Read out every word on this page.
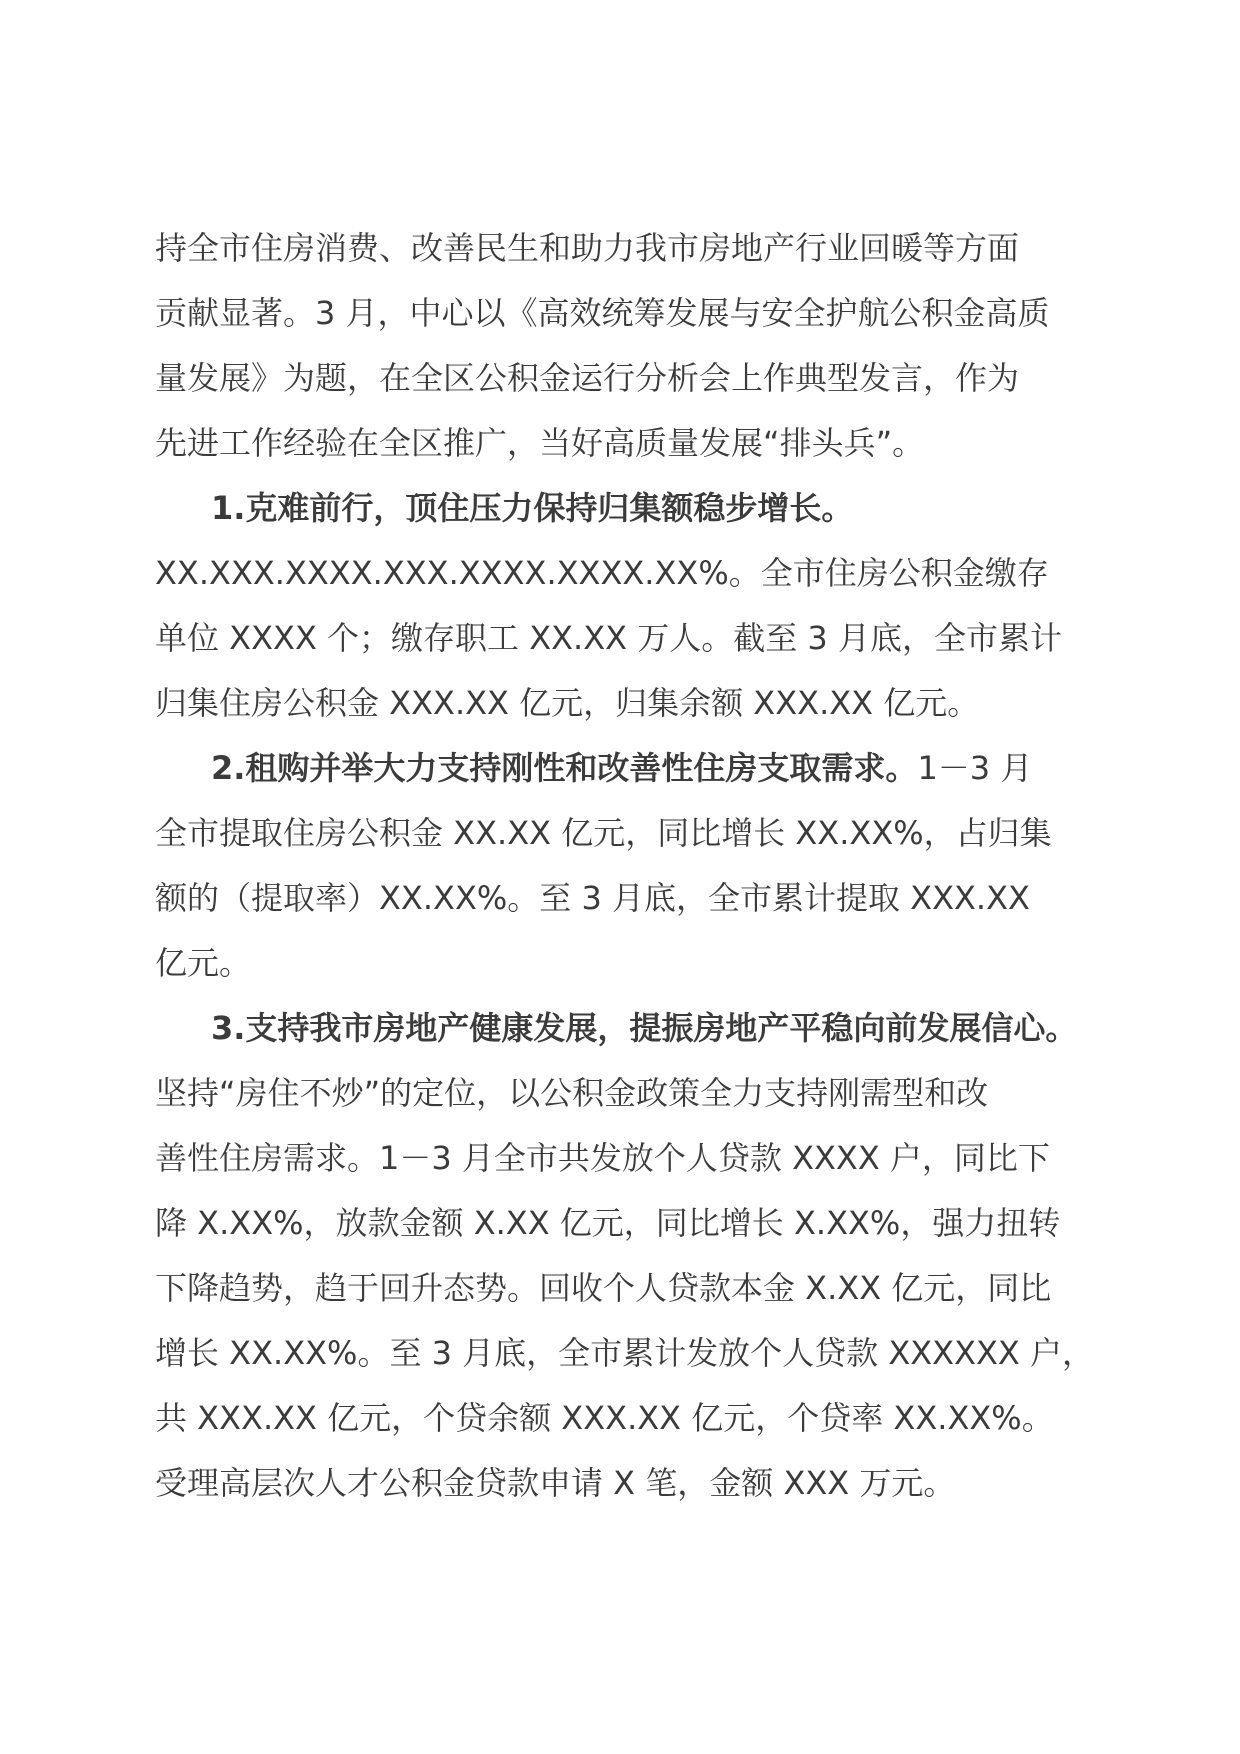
持全市住房消费、改善民生和助力我市房地产行业回暖等方面
贡献显著。3 月，中心以《高效统筹发展与安全护航公积金高质
量发展》为题，在全区公积金运行分析会上作典型发言，作为
先进工作经验在全区推广，当好高质量发展“排头兵”。
1.克难前行，顶住压力保持归集额稳步增长。
XX.XXX.XXXX.XXX.XXXX.XXXX.XX%。全市住房公积金缴存
单位 XXXX 个；缴存职工 XX.XX 万人。截至 3 月底，全市累计
归集住房公积金 XXX.XX 亿元，归集余额 XXX.XX 亿元。
2.租购并举大力支持刚性和改善性住房支取需求。1－3 月
全市提取住房公积金 XX.XX 亿元，同比增长 XX.XX%，占归集
额的（提取率）XX.XX%。至 3 月底，全市累计提取 XXX.XX
亿元。
3.支持我市房地产健康发展，提振房地产平稳向前发展信心。
坚持“房住不炒”的定位，以公积金政策全力支持刚需型和改
善性住房需求。1－3 月全市共发放个人贷款 XXXX 户，同比下
降 X.XX%，放款金额 X.XX 亿元，同比增长 X.XX%，强力扭转
下降趋势，趋于回升态势。回收个人贷款本金 X.XX 亿元，同比
增长 XX.XX%。至 3 月底，全市累计发放个人贷款 XXXXXX 户，
共 XXX.XX 亿元，个贷余额 XXX.XX 亿元，个贷率 XX.XX%。
受理高层次人才公积金贷款申请 X 笔，金额 XXX 万元。
